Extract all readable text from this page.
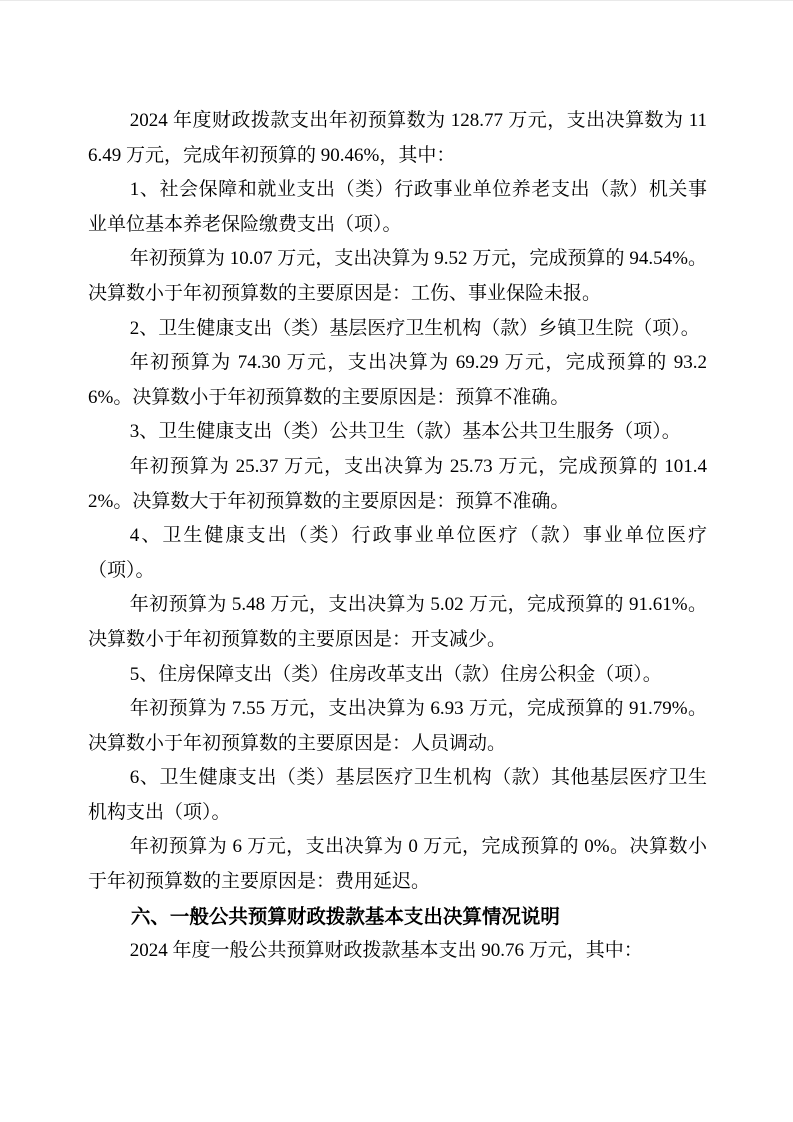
2024 年度财政拨款支出年初预算数为 128.77 万元，支出决算数为 116.49 万元，完成年初预算的 90.46%，其中：

1、社会保障和就业支出（类）行政事业单位养老支出（款）机关事业单位基本养老保险缴费支出（项）。

年初预算为 10.07 万元，支出决算为 9.52 万元，完成预算的 94.54%。决算数小于年初预算数的主要原因是：工伤、事业保险未报。

2、卫生健康支出（类）基层医疗卫生机构（款）乡镇卫生院（项）。

年初预算为 74.30 万元，支出决算为 69.29 万元，完成预算的 93.26%。决算数小于年初预算数的主要原因是：预算不准确。

3、卫生健康支出（类）公共卫生（款）基本公共卫生服务（项）。

年初预算为 25.37 万元，支出决算为 25.73 万元，完成预算的 101.42%。决算数大于年初预算数的主要原因是：预算不准确。

4、卫生健康支出（类）行政事业单位医疗（款）事业单位医疗（项）。

年初预算为 5.48 万元，支出决算为 5.02 万元，完成预算的 91.61%。决算数小于年初预算数的主要原因是：开支减少。

5、住房保障支出（类）住房改革支出（款）住房公积金（项）。

年初预算为 7.55 万元，支出决算为 6.93 万元，完成预算的 91.79%。决算数小于年初预算数的主要原因是：人员调动。

6、卫生健康支出（类）基层医疗卫生机构（款）其他基层医疗卫生机构支出（项）。

年初预算为 6 万元，支出决算为 0 万元，完成预算的 0%。决算数小于年初预算数的主要原因是：费用延迟。

六、一般公共预算财政拨款基本支出决算情况说明

2024 年度一般公共预算财政拨款基本支出 90.76 万元，其中：
